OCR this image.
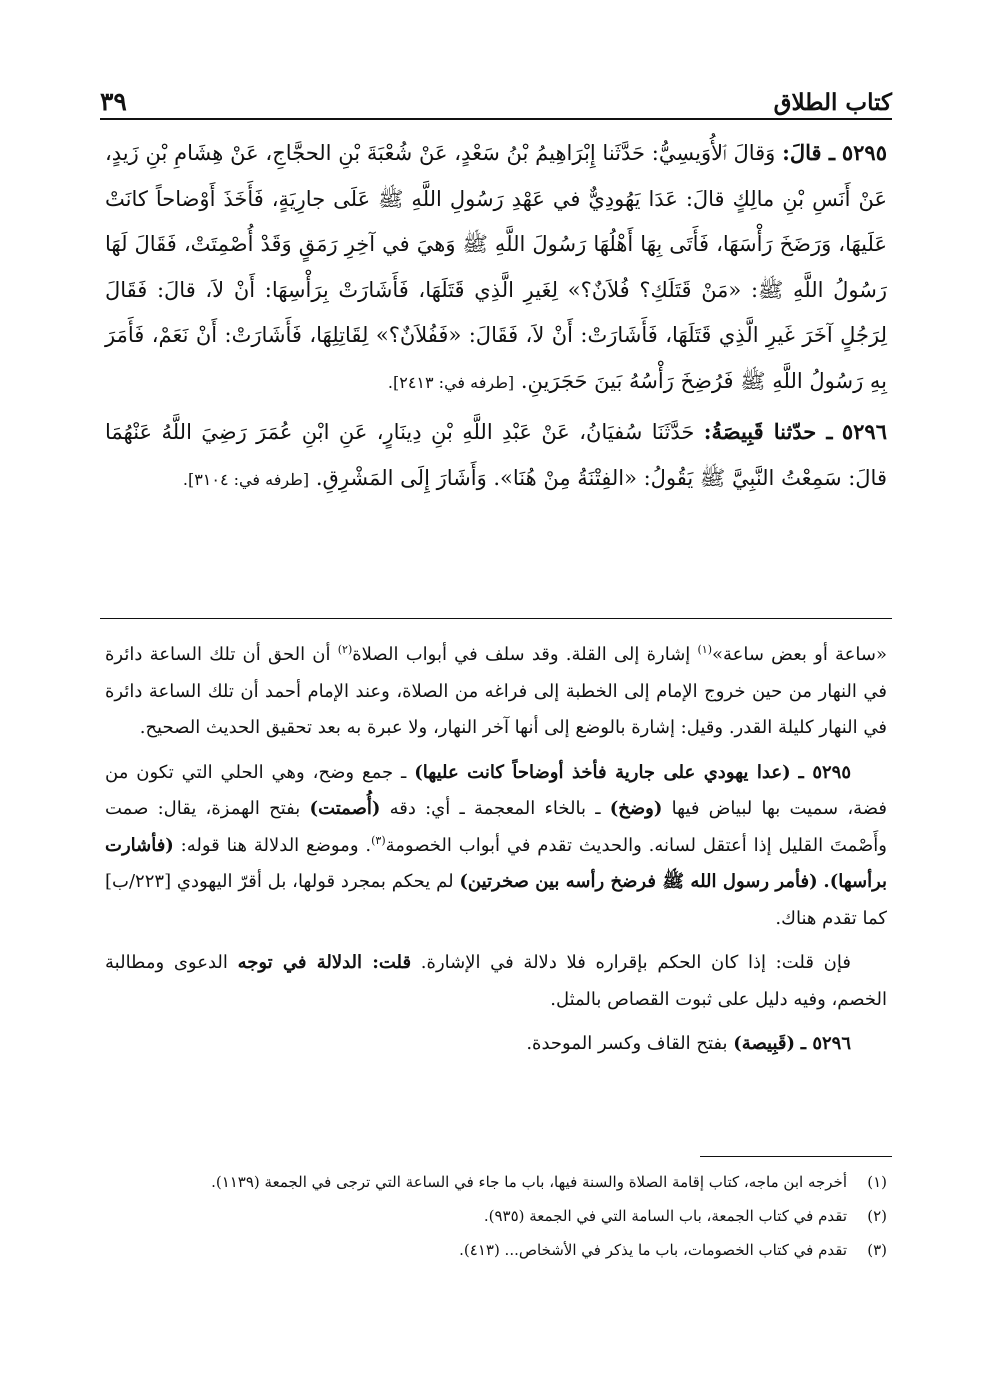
كتاب الطلاق
٣٩

٥٢٩٥ ـ قالَ: وَقالَ ٱلأُوَيسِيُّ: حَدَّثَنا إِبْرَاهِيمُ بْنُ سَعْدٍ، عَنْ شُعْبَةَ بْنِ الحجَّاجِ، عَنْ هِشَامِ بْنِ زَيدٍ، عَنْ أَنَسِ بْنِ مالِكٍ قالَ: عَدَا يَهُودِيٌّ في عَهْدِ رَسُولِ اللَّهِ ﷺ عَلَى جارِيَةٍ، فَأَخَذَ أَوْضاحاً كانَتْ عَلَيهَا، وَرَضَخَ رَأْسَهَا، فَأَتَى بِهَا أَهْلُهَا رَسُولَ اللَّهِ ﷺ وَهيَ في آخِرِ رَمَقٍ وَقَدْ أُصْمِتَتْ، فَقَالَ لَهَا رَسُولُ اللَّهِ ﷺ: «مَنْ قَتَلَكِ؟ فُلاَنٌ؟» لِغَيرِ الَّذِي قَتَلَهَا، فَأَشَارَتْ بِرَأْسِهَا: أَنْ لاَ، قالَ: فَقَالَ لِرَجُلٍ آخَرَ غَيرِ الَّذِي قَتَلَهَا، فَأَشَارَتْ: أَنْ لاَ، فَقَالَ: «فَفُلاَنٌ؟» لِقَاتِلِهَا، فَأَشَارَتْ: أَنْ نَعَمْ، فَأَمَرَ بِهِ رَسُولُ اللَّهِ ﷺ فَرُضِخَ رَأْسُهُ بَينَ حَجَرَينِ. [طرفه في: ٢٤١٣].

٥٢٩٦ ـ حدّثنا قَبِيصَةُ: حَدَّثَنَا سُفيَانُ، عَنْ عَبْدِ اللَّهِ بْنِ دِينَارٍ، عَنِ ابْنِ عُمَرَ رَضِيَ اللَّهُ عَنْهُمَا قالَ: سَمِعْتُ النَّبِيَّ ﷺ يَقُولُ: «الفِتْنَةُ مِنْ هُنَا». وَأَشَارَ إِلَى المَشْرِقِ. [طرفه في: ٣١٠٤].

«ساعة أو بعض ساعة»$^{(١)}$ إشارة إلى القلة. وقد سلف في أبواب الصلاة$^{(٢)}$ أن الحق أن تلك الساعة دائرة في النهار من حين خروج الإمام إلى الخطبة إلى فراغه من الصلاة، وعند الإمام أحمد أن تلك الساعة دائرة في النهار كليلة القدر. وقيل: إشارة بالوضع إلى أنها آخر النهار، ولا عبرة به بعد تحقيق الحديث الصحيح.

٥٢٩٥ ـ (عدا يهودي على جارية فأخذ أوضاحاً كانت عليها) ـ جمع وضح، وهي الحلي التي تكون من فضة، سميت بها لبياض فيها (وضخ) ـ بالخاء المعجمة ـ أي: دقه (أُصمتت) بفتح الهمزة، يقال: صمت وأَصْمتَ القليل إذا أعتقل لسانه. والحديث تقدم في أبواب الخصومة$^{(٣)}$. وموضع الدلالة هنا قوله: (فأشارت برأسها). (فأمر رسول الله ﷺ فرضخ رأسه بين صخرتين) لم يحكم بمجرد قولها، بل أقرّ اليهودي [٢٢٣/ب] كما تقدم هناك.

فإن قلت: إذا كان الحكم بإقراره فلا دلالة في الإشارة. قلت: الدلالة في توجه الدعوى ومطالبة الخصم، وفيه دليل على ثبوت القصاص بالمثل.

٥٢٩٦ ـ (قَبِيصة) بفتح القاف وكسر الموحدة.

(١)
أخرجه ابن ماجه، كتاب إقامة الصلاة والسنة فيها، باب ما جاء في الساعة التي ترجى في الجمعة (١١٣٩).
(٢)
تقدم في كتاب الجمعة، باب السامة التي في الجمعة (٩٣٥).
(٣)
تقدم في كتاب الخصومات، باب ما يذكر في الأشخاص... (٤١٣).
